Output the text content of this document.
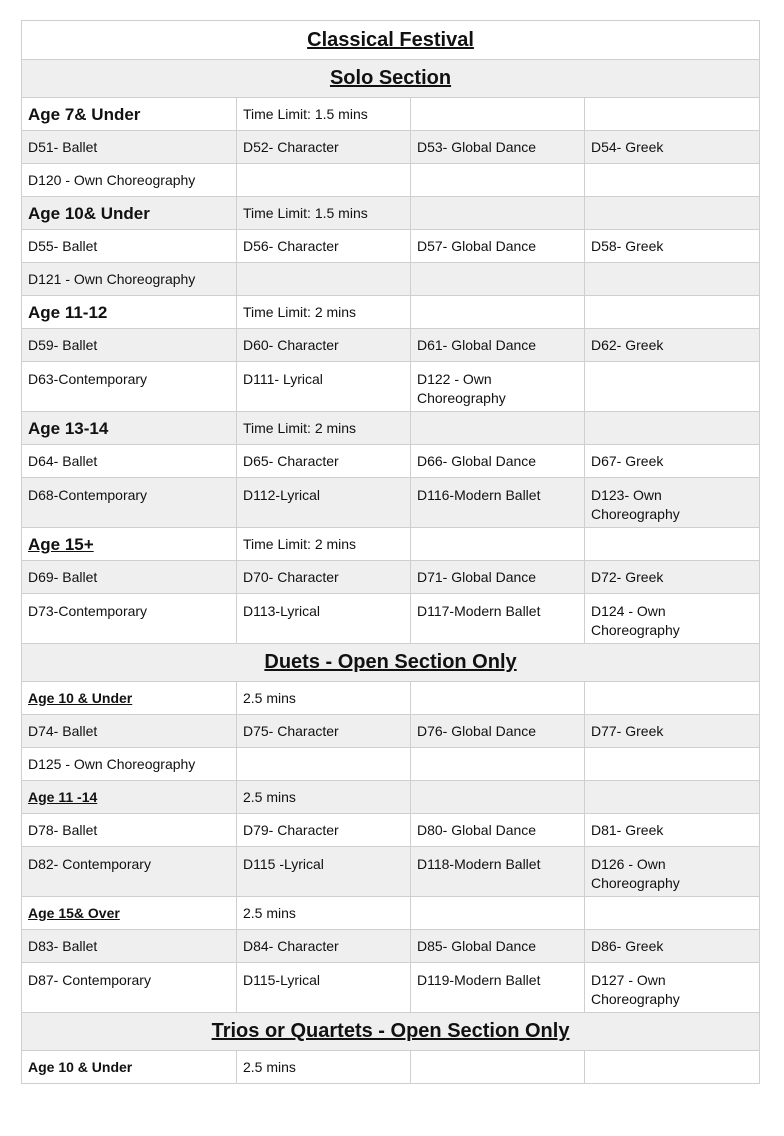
Classical Festival			
Solo Section			
Age 7& Under	Time Limit: 1.5 mins		
D51- Ballet	D52- Character	D53- Global Dance	D54- Greek
D120 - Own Choreography			
Age 10& Under	Time Limit: 1.5 mins		
D55- Ballet	D56- Character	D57- Global Dance	D58- Greek
D121 - Own Choreography			
Age 11-12	Time Limit: 2 mins		
D59- Ballet	D60- Character	D61- Global Dance	D62- Greek
D63-Contemporary	D111- Lyrical	D122 - Own Choreography	
Age 13-14	Time Limit: 2 mins		
D64- Ballet	D65- Character	D66- Global Dance	D67- Greek
D68-Contemporary	D112-Lyrical	D116-Modern Ballet	D123- Own Choreography
Age 15+	Time Limit: 2 mins		
D69- Ballet	D70- Character	D71- Global Dance	D72- Greek
D73-Contemporary	D113-Lyrical	D117-Modern Ballet	D124 - Own Choreography
Duets - Open Section Only			
Age 10 & Under	2.5 mins		
D74- Ballet	D75- Character	D76- Global Dance	D77- Greek
D125 - Own Choreography			
Age 11 -14	2.5 mins		
D78- Ballet	D79- Character	D80- Global Dance	D81- Greek
D82- Contemporary	D115 -Lyrical	D118-Modern Ballet	D126 - Own Choreography
Age 15& Over	2.5 mins		
D83- Ballet	D84- Character	D85- Global Dance	D86- Greek
D87- Contemporary	D115-Lyrical	D119-Modern Ballet	D127 - Own Choreography
Trios or Quartets - Open Section Only			
Age 10 & Under	2.5 mins		
